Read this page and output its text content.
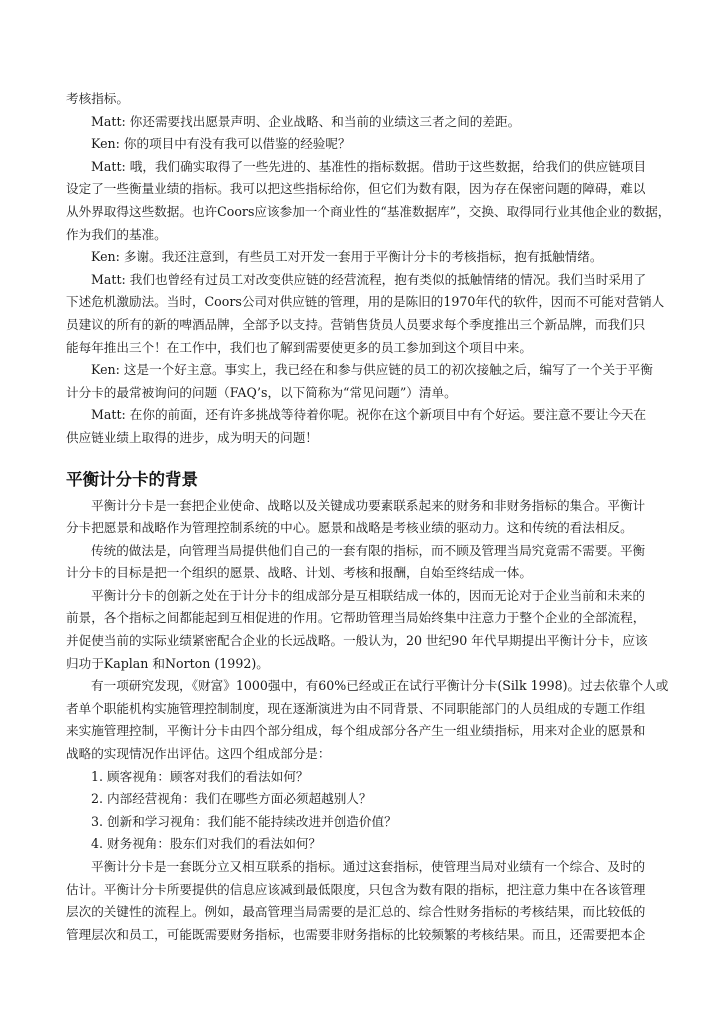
考核指标。
Matt: 你还需要找出愿景声明、企业战略、和当前的业绩这三者之间的差距。
Ken: 你的项目中有没有我可以借鉴的经验呢？
Matt: 哦，我们确实取得了一些先进的、基准性的指标数据。借助于这些数据，给我们的供应链项目
设定了一些衡量业绩的指标。我可以把这些指标给你，但它们为数有限，因为存在保密问题的障碍，难以
从外界取得这些数据。也许Coors应该参加一个商业性的“基准数据库”，交换、取得同行业其他企业的数据，
作为我们的基准。
Ken: 多谢。我还注意到，有些员工对开发一套用于平衡计分卡的考核指标，抱有抵触情绪。
Matt: 我们也曾经有过员工对改变供应链的经营流程，抱有类似的抵触情绪的情况。我们当时采用了
下述危机激励法。当时，Coors公司对供应链的管理，用的是陈旧的1970年代的软件，因而不可能对营销人
员建议的所有的新的啤酒品牌，全部予以支持。营销售货员人员要求每个季度推出三个新品牌，而我们只
能每年推出三个！在工作中，我们也了解到需要使更多的员工参加到这个项目中来。
Ken: 这是一个好主意。事实上，我已经在和参与供应链的员工的初次接触之后，编写了一个关于平衡
计分卡的最常被询问的问题（FAQ’s，以下简称为“常见问题”）清单。
Matt: 在你的前面，还有许多挑战等待着你呢。祝你在这个新项目中有个好运。要注意不要让今天在
供应链业绩上取得的进步，成为明天的问题！
平衡计分卡的背景
平衡计分卡是一套把企业使命、战略以及关键成功要素联系起来的财务和非财务指标的集合。平衡计
分卡把愿景和战略作为管理控制系统的中心。愿景和战略是考核业绩的驱动力。这和传统的看法相反。
传统的做法是，向管理当局提供他们自己的一套有限的指标，而不顾及管理当局究竟需不需要。平衡
计分卡的目标是把一个组织的愿景、战略、计划、考核和报酬，自始至终结成一体。
平衡计分卡的创新之处在于计分卡的组成部分是互相联结成一体的，因而无论对于企业当前和未来的
前景，各个指标之间都能起到互相促进的作用。它帮助管理当局始终集中注意力于整个企业的全部流程，
并促使当前的实际业绩紧密配合企业的长远战略。一般认为，20 世纪90 年代早期提出平衡计分卡，应该
归功于Kaplan 和Norton (1992)。
有一项研究发现，《财富》1000强中，有60%已经或正在试行平衡计分卡(Silk 1998)。过去依靠个人或
者单个职能机构实施管理控制制度，现在逐渐演进为由不同背景、不同职能部门的人员组成的专题工作组
来实施管理控制，平衡计分卡由四个部分组成，每个组成部分各产生一组业绩指标，用来对企业的愿景和
战略的实现情况作出评估。这四个组成部分是：
1. 顾客视角：顾客对我们的看法如何？
2. 内部经营视角：我们在哪些方面必须超越别人？
3. 创新和学习视角：我们能不能持续改进并创造价值？
4. 财务视角：股东们对我们的看法如何？
平衡计分卡是一套既分立又相互联系的指标。通过这套指标，使管理当局对业绩有一个综合、及时的
估计。平衡计分卡所要提供的信息应该减到最低限度，只包含为数有限的指标，把注意力集中在各该管理
层次的关键性的流程上。例如，最高管理当局需要的是汇总的、综合性财务指标的考核结果，而比较低的
管理层次和员工，可能既需要财务指标，也需要非财务指标的比较频繁的考核结果。而且，还需要把本企
